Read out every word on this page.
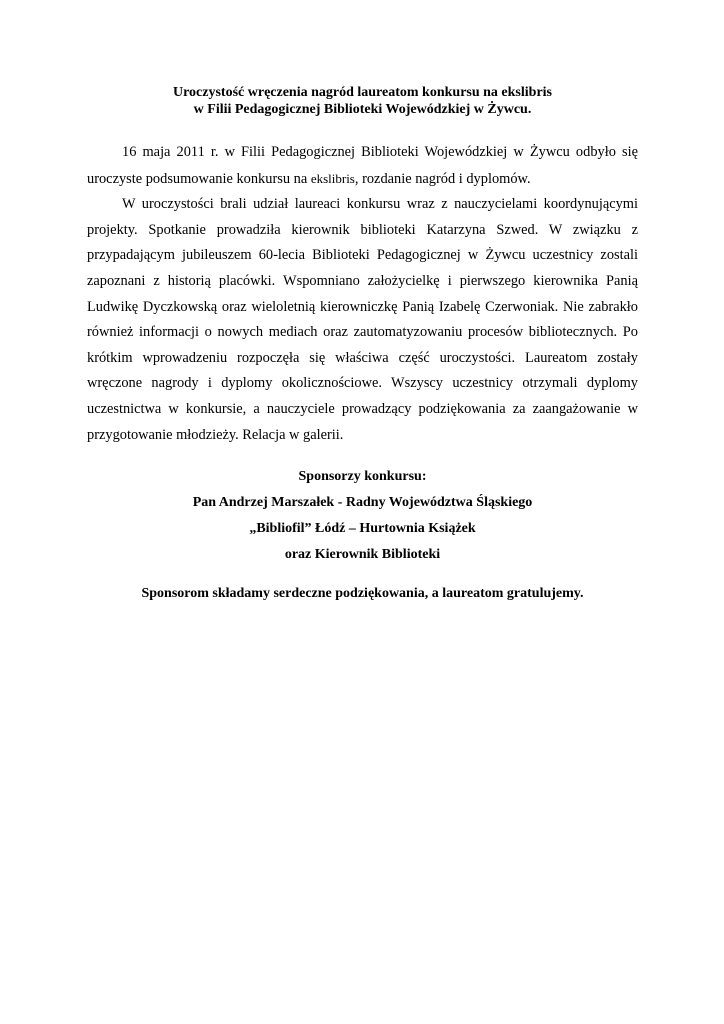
Uroczystość wręczenia nagród laureatom konkursu na ekslibris
w Filii Pedagogicznej Biblioteki Wojewódzkiej w Żywcu.

16 maja 2011 r. w Filii Pedagogicznej Biblioteki Wojewódzkiej w Żywcu odbyło się uroczyste podsumowanie konkursu na ekslibris, rozdanie nagród i dyplomów.

W uroczystości brali udział laureaci konkursu wraz z nauczycielami koordynującymi projekty. Spotkanie prowadziła kierownik biblioteki Katarzyna Szwed. W związku z przypadającym jubileuszem 60-lecia Biblioteki Pedagogicznej w Żywcu uczestnicy zostali zapoznani z historią placówki. Wspomniano założycielkę i pierwszego kierownika Panią Ludwikę Dyczkowską oraz wieloletnią kierowniczkę Panią Izabelę Czerwoniak. Nie zabrakło również informacji o nowych mediach oraz zautomatyzowaniu procesów bibliotecznych. Po krótkim wprowadzeniu rozpoczęła się właściwa część uroczystości. Laureatom zostały wręczone nagrody i dyplomy okolicznościowe. Wszyscy uczestnicy otrzymali dyplomy uczestnictwa w konkursie, a nauczyciele prowadzący podziękowania za zaangażowanie w przygotowanie młodzieży. Relacja w galerii.

Sponsorzy konkursu:
Pan Andrzej Marszałek - Radny Województwa Śląskiego
„Bibliofil” Łódź – Hurtownia Książek
oraz Kierownik Biblioteki
Sponsorom składamy serdeczne podziękowania, a laureatom gratulujemy.
